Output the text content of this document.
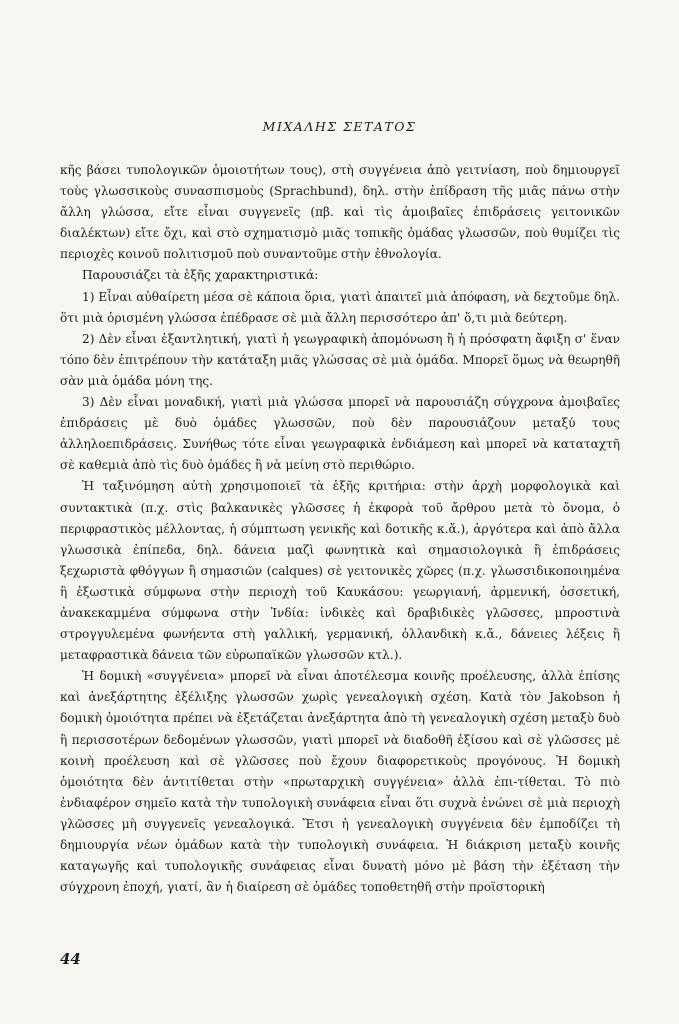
ΜΙΧΑΛΗΣ ΣΕΤΑΤΟΣ

κῆς βάσει τυπολογικῶν ὁμοιοτήτων τους), στὴ συγγένεια ἀπὸ γειτνίαση, ποὺ δημιουργεῖ τοὺς γλωσσικοὺς συνασπισμοὺς (Sprachbund), δηλ. στὴν ἐπίδραση τῆς μιᾶς πάνω στὴν ἄλλη γλώσσα, εἴτε εἶναι συγγενεῖς (πβ. καὶ τὶς ἀμοιβαῖες ἐπιδράσεις γειτονικῶν διαλέκτων) εἴτε ὄχι, καὶ στὸ σχηματισμὸ μιᾶς τοπικῆς ὁμάδας γλωσσῶν, ποὺ θυμίζει τὶς περιοχὲς κοινοῦ πολιτισμοῦ ποὺ συναντοῦμε στὴν ἐθνολογία.

Παρουσιάζει τὰ ἑξῆς χαρακτηριστικά:

1) Εἶναι αὐθαίρετη μέσα σὲ κάποια ὅρια, γιατὶ ἀπαιτεῖ μιὰ ἀπόφαση, νὰ δεχτοῦμε δηλ. ὅτι μιὰ ὁρισμένη γλώσσα ἐπέδρασε σὲ μιὰ ἄλλη περισσότερο ἀπ' ὅ,τι μιὰ δεύτερη.

2) Δὲν εἶναι ἐξαντλητική, γιατὶ ἡ γεωγραφικὴ ἀπομόνωση ἢ ἡ πρόσφατη ἄφιξη σ' ἕναν τόπο δὲν ἐπιτρέπουν τὴν κατάταξη μιᾶς γλώσσας σὲ μιὰ ὁμάδα. Μπορεῖ ὅμως νὰ θεωρηθῆ σὰν μιὰ ὁμάδα μόνη της.

3) Δὲν εἶναι μοναδική, γιατὶ μιὰ γλώσσα μπορεῖ νὰ παρουσιάζη σύγχρονα ἀμοιβαῖες ἐπιδράσεις μὲ δυὸ ὁμάδες γλωσσῶν, ποὺ δὲν παρουσιάζουν μεταξύ τους ἀλληλοεπιδράσεις. Συνήθως τότε εἶναι γεωγραφικὰ ἐνδιάμεση καὶ μπορεῖ νὰ καταταχτῆ σὲ καθεμιὰ ἀπὸ τὶς δυὸ ὁμάδες ἢ νὰ μείνη στὸ περιθώριο.

Ἡ ταξινόμηση αὐτὴ χρησιμοποιεῖ τὰ ἑξῆς κριτήρια: στὴν ἀρχὴ μορφολογικὰ καὶ συντακτικὰ (π.χ. στὶς βαλκανικὲς γλῶσσες ἡ ἐκφορὰ τοῦ ἄρθρου μετὰ τὸ ὄνομα, ὁ περιφραστικὸς μέλλοντας, ἡ σύμπτωση γενικῆς καὶ δοτικῆς κ.ἄ.), ἀργότερα καὶ ἀπὸ ἄλλα γλωσσικὰ ἐπίπεδα, δηλ. δάνεια μαζὶ φωνητικὰ καὶ σημασιολογικὰ ἢ ἐπιδράσεις ξεχωριστὰ φθόγγων ἢ σημασιῶν (calques) σὲ γειτονικὲς χῶρες (π.χ. γλωσσιδικοποιημένα ἢ ἐξωστικὰ σύμφωνα στὴν περιοχὴ τοῦ Καυκάσου: γεωργιανή, ἀρμενική, ὀσσετική, ἀνακεκαμμένα σύμφωνα στὴν Ἰνδία: ἰνδικὲς καὶ δραβιδικὲς γλῶσσες, μπροστινὰ στρογγυλεμένα φωνήεντα στὴ γαλλική, γερμανική, ὀλλανδικὴ κ.ἄ., δάνειες λέξεις ἢ μεταφραστικὰ δάνεια τῶν εὐρωπαϊκῶν γλωσσῶν κτλ.).

Ἡ δομικὴ «συγγένεια» μπορεῖ νὰ εἶναι ἀποτέλεσμα κοινῆς προέλευσης, ἀλλὰ ἐπίσης καὶ ἀνεξάρτητης ἐξέλιξης γλωσσῶν χωρὶς γενεαλογικὴ σχέση. Κατὰ τὸν Jakobson ἡ δομικὴ ὁμοιότητα πρέπει νὰ ἐξετάζεται ἀνεξάρτητα ἀπὸ τὴ γενεαλογικὴ σχέση μεταξὺ δυὸ ἢ περισσοτέρων δεδομένων γλωσσῶν, γιατὶ μπορεῖ νὰ διαδοθῆ ἐξίσου καὶ σὲ γλῶσσες μὲ κοινὴ προέλευση καὶ σὲ γλῶσσες ποὺ ἔχουν διαφορετικοὺς προγόνους. Ἡ δομικὴ ὁμοιότητα δὲν ἀντιτίθεται στὴν «πρωταρχικὴ συγγένεια» ἀλλὰ ἐπι-τίθεται. Τὸ πιὸ ἐνδιαφέρον σημεῖο κατὰ τὴν τυπολογικὴ συνάφεια εἶναι ὅτι συχνὰ ἑνώνει σὲ μιὰ περιοχὴ γλῶσσες μὴ συγγενεῖς γενεαλογικά. Ἔτσι ἡ γενεαλογικὴ συγγένεια δὲν ἐμποδίζει τὴ δημιουργία νέων ὁμάδων κατὰ τὴν τυπολογικὴ συνάφεια. Ἡ διάκριση μεταξὺ κοινῆς καταγωγῆς καὶ τυπολογικῆς συνάφειας εἶναι δυνατὴ μόνο μὲ βάση τὴν ἐξέταση τὴν σύγχρονη ἐποχή, γιατί, ἂν ἡ διαίρεση σὲ ὁμάδες τοποθετηθῆ στὴν προϊστορικὴ

44
